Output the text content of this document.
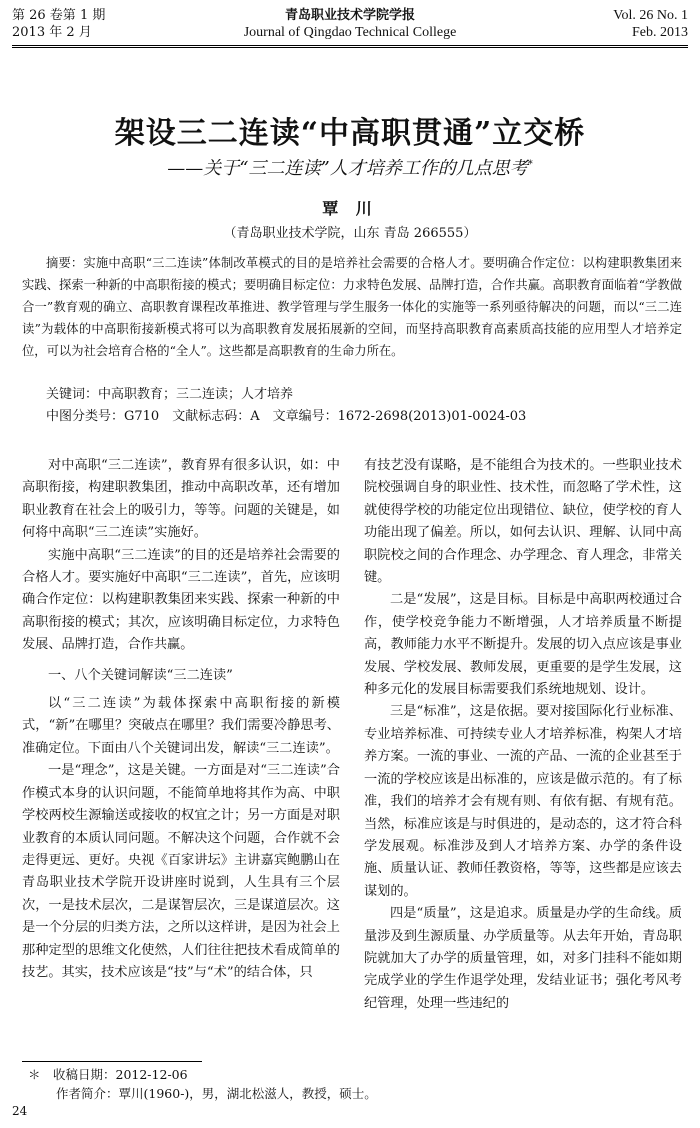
第 26 卷第 1 期
2013 年 2 月
青岛职业技术学院学报
Journal of Qingdao Technical College
Vol. 26 No. 1
Feb. 2013
架设三二连读“中高职贯通”立交桥
——关于“三二连读”人才培养工作的几点思考*
覃 川
（青岛职业技术学院，山东 青岛 266555）

摘要：实施中高职“三二连读”体制改革模式的目的是培养社会需要的合格人才。要明确合作定位：以构建职教集团来实践、探索一种新的中高职衔接的模式；要明确目标定位：力求特色发展、品牌打造，合作共赢。高职教育面临着“学教做合一”教育观的确立、高职教育课程改革推进、教学管理与学生服务一体化的实施等一系列亟待解决的问题，而以“三二连读”为载体的中高职衔接新模式将可以为高职教育发展拓展新的空间，而坚持高职教育高素质高技能的应用型人才培养定位，可以为社会培育合格的“全人”。这些都是高职教育的生命力所在。

关键词：中高职教育；三二连读；人才培养
中图分类号：G710　文献标志码：A　文章编号：1672-2698(2013)01-0024-03

对中高职“三二连读”，教育界有很多认识，如：中高职衔接，构建职教集团，推动中高职改革，还有增加职业教育在社会上的吸引力，等等。问题的关键是，如何将中高职“三二连读”实施好。

实施中高职“三二连读”的目的还是培养社会需要的合格人才。要实施好中高职“三二连读”，首先，应该明确合作定位：以构建职教集团来实践、探索一种新的中高职衔接的模式；其次，应该明确目标定位，力求特色发展、品牌打造，合作共赢。

一、八个关键词解读“三二连读”

以“三二连读”为载体探索中高职衔接的新模式，“新”在哪里？突破点在哪里？我们需要冷静思考、准确定位。下面由八个关键词出发，解读“三二连读”。

一是“理念”，这是关键。一方面是对“三二连读”合作模式本身的认识问题，不能简单地将其作为高、中职学校两校生源输送或接收的权宜之计；另一方面是对职业教育的本质认同问题。不解决这个问题，合作就不会走得更远、更好。央视《百家讲坛》主讲嘉宾鲍鹏山在青岛职业技术学院开设讲座时说到，人生具有三个层次，一是技术层次，二是谋智层次，三是谋道层次。这是一个分层的归类方法，之所以这样讲，是因为社会上那种定型的思维文化使然，人们往往把技术看成简单的技艺。其实，技术应该是“技”与“术”的结合体，只

有技艺没有谋略，是不能组合为技术的。一些职业技术院校强调自身的职业性、技术性，而忽略了学术性，这就使得学校的功能定位出现错位、缺位，使学校的育人功能出现了偏差。所以，如何去认识、理解、认同中高职院校之间的合作理念、办学理念、育人理念，非常关键。

二是“发展”，这是目标。目标是中高职两校通过合作，使学校竞争能力不断增强，人才培养质量不断提高，教师能力水平不断提升。发展的切入点应该是事业发展、学校发展、教师发展，更重要的是学生发展，这种多元化的发展目标需要我们系统地规划、设计。

三是“标准”，这是依据。要对接国际化行业标准、专业培养标准、可持续专业人才培养标准，构架人才培养方案。一流的事业、一流的产品、一流的企业甚至于一流的学校应该是出标准的，应该是做示范的。有了标准，我们的培养才会有规有则、有依有据、有规有范。当然，标准应该是与时俱进的，是动态的，这才符合科学发展观。标准涉及到人才培养方案、办学的条件设施、质量认证、教师任教资格，等等，这些都是应该去谋划的。

四是“质量”，这是追求。质量是办学的生命线。质量涉及到生源质量、办学质量等。从去年开始，青岛职院就加大了办学的质量管理，如，对多门挂科不能如期完成学业的学生作退学处理，发结业证书；强化考风考纪管理，处理一些违纪的

＊　收稿日期：2012-12-06
作者简介：覃川(1960-)，男，湖北松滋人，教授，硕士。
24
